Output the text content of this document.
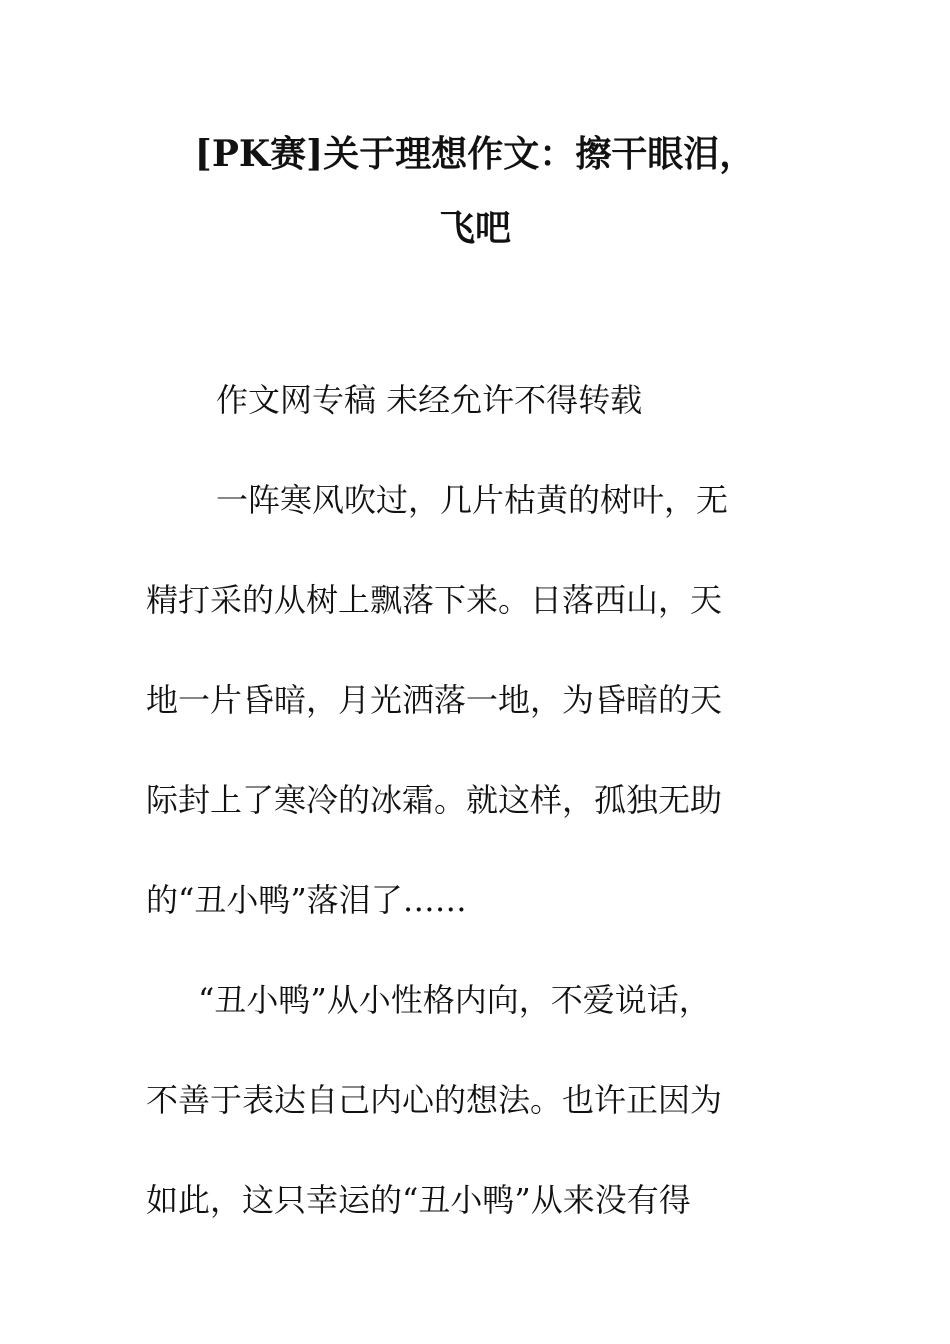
[PK赛]关于理想作文：擦干眼泪，
飞吧
作文网专稿 未经允许不得转载
一阵寒风吹过，几片枯黄的树叶，无
精打采的从树上飘落下来。日落西山，天
地一片昏暗，月光洒落一地，为昏暗的天
际封上了寒冷的冰霜。就这样，孤独无助
的“丑小鸭”落泪了……
“丑小鸭”从小性格内向，不爱说话，
不善于表达自己内心的想法。也许正因为
如此，这只幸运的“丑小鸭”从来没有得
